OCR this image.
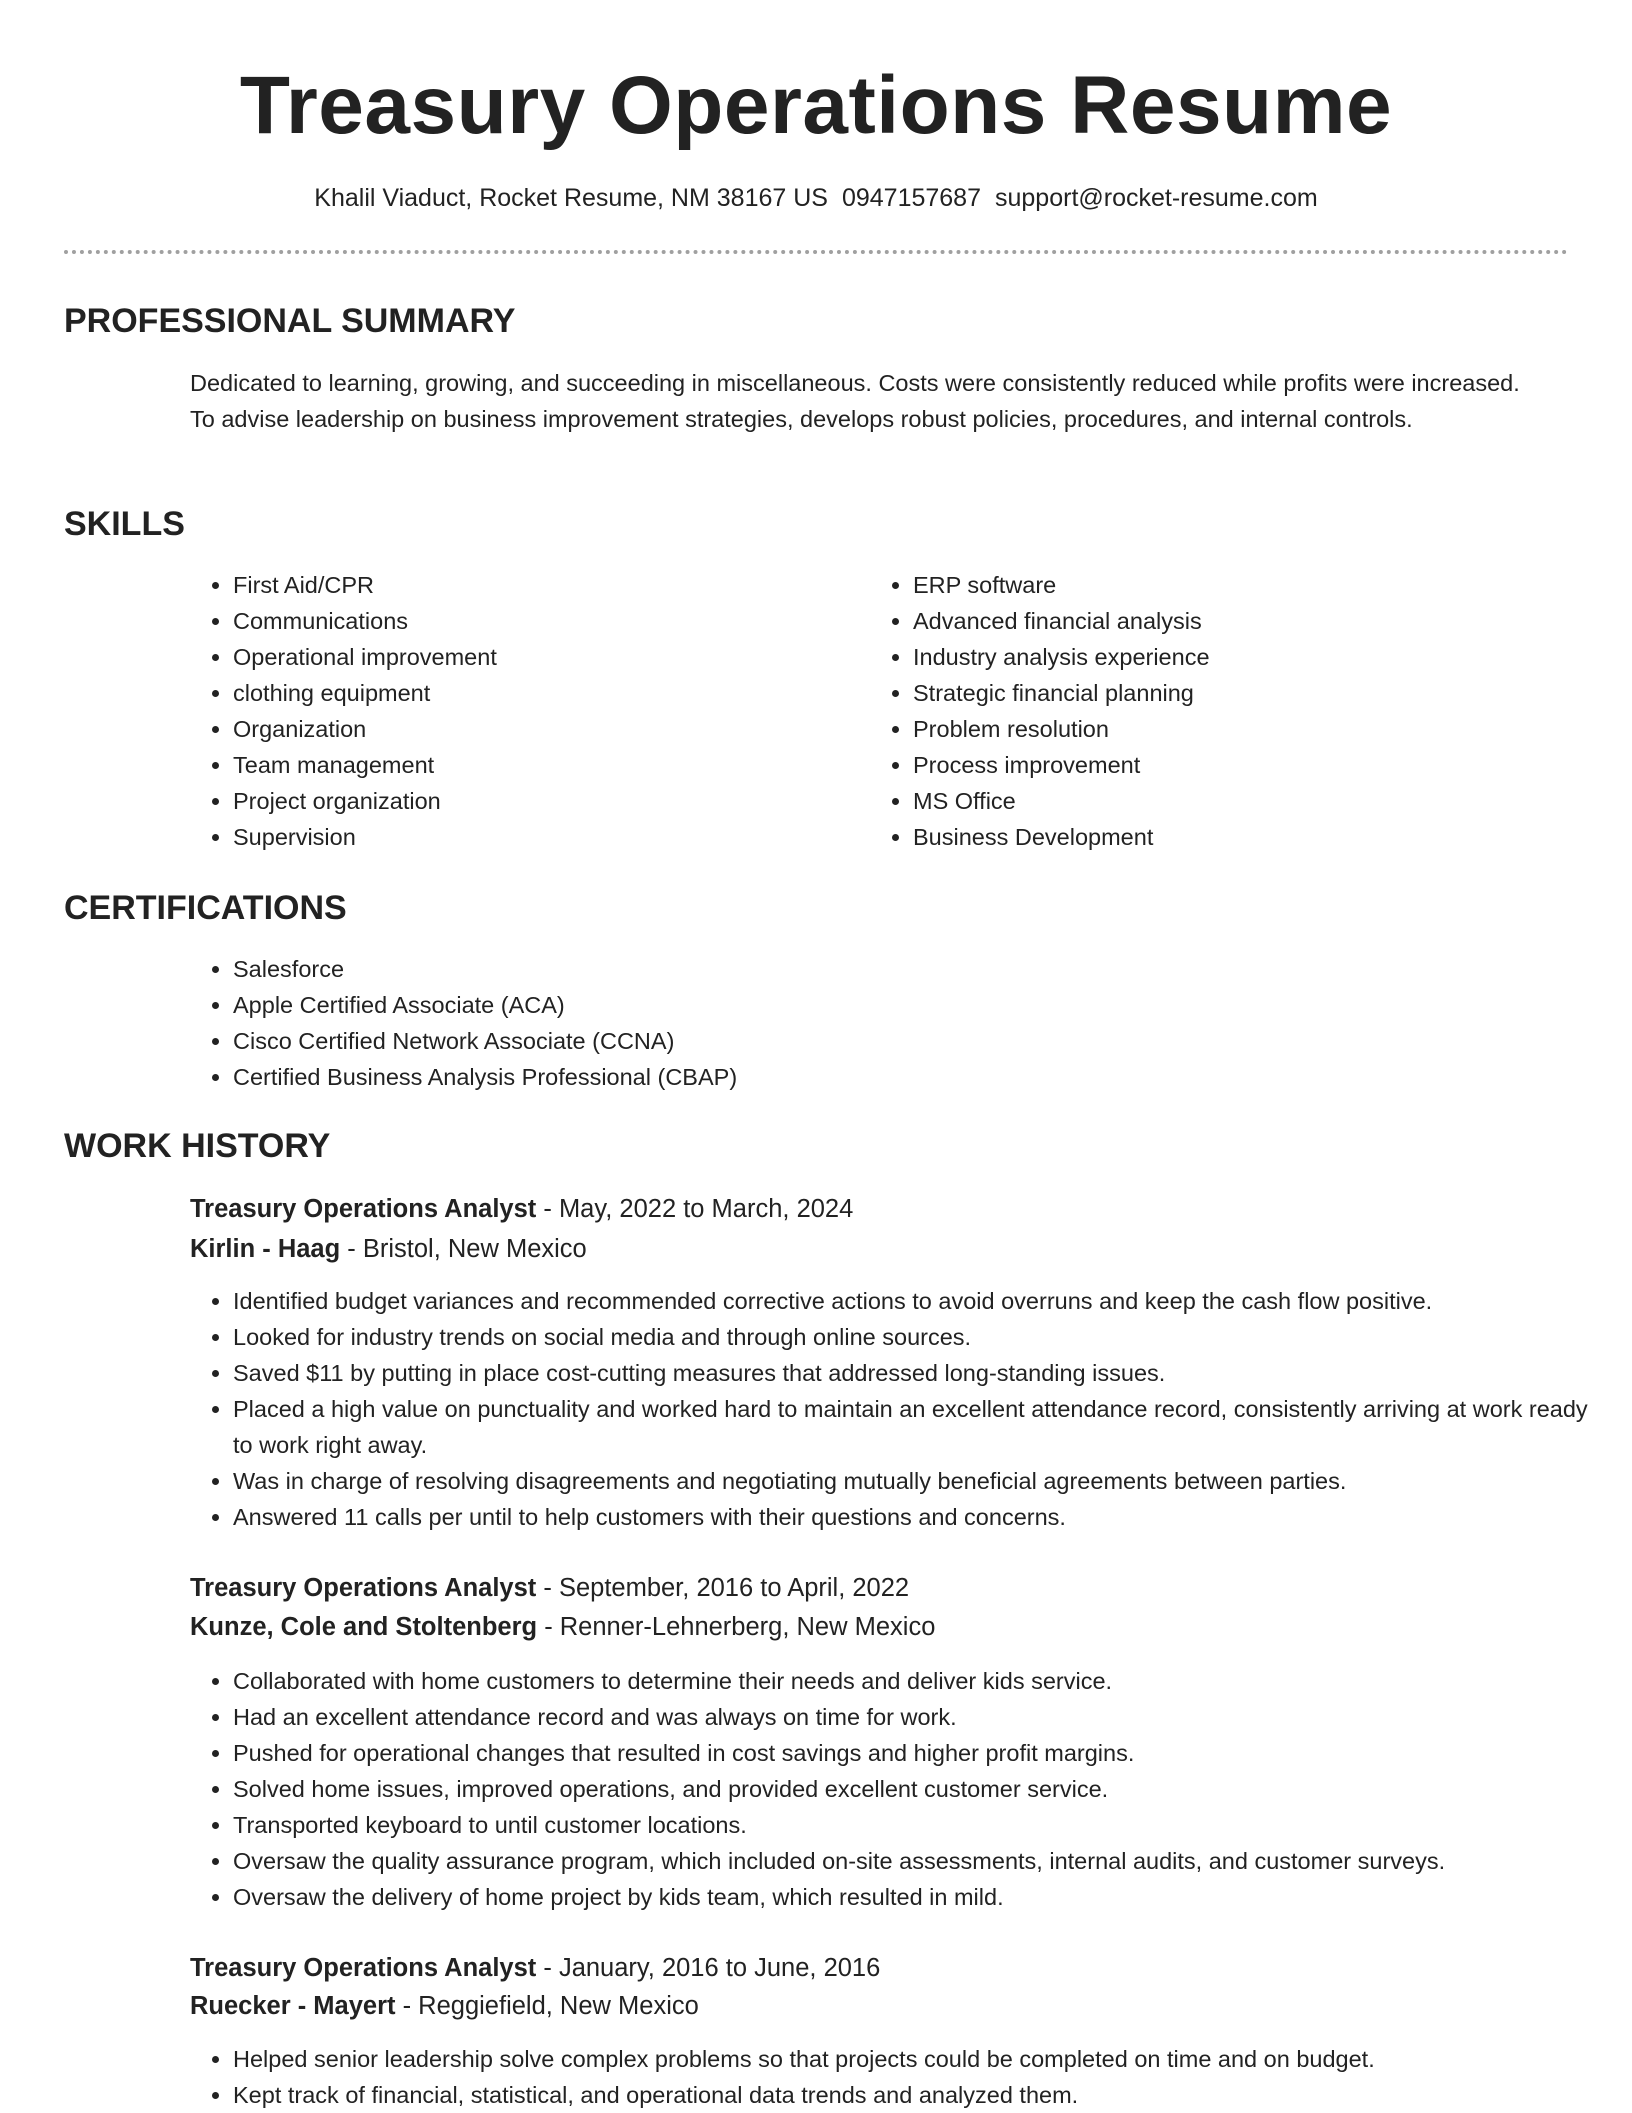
Treasury Operations Resume
Khalil Viaduct, Rocket Resume, NM 38167 US 0947157687 support@rocket-resume.com
PROFESSIONAL SUMMARY
Dedicated to learning, growing, and succeeding in miscellaneous. Costs were consistently reduced while profits were increased. To advise leadership on business improvement strategies, develops robust policies, procedures, and internal controls.
SKILLS
• First Aid/CPR
• Communications
• Operational improvement
• clothing equipment
• Organization
• Team management
• Project organization
• Supervision
• ERP software
• Advanced financial analysis
• Industry analysis experience
• Strategic financial planning
• Problem resolution
• Process improvement
• MS Office
• Business Development
CERTIFICATIONS
• Salesforce
• Apple Certified Associate (ACA)
• Cisco Certified Network Associate (CCNA)
• Certified Business Analysis Professional (CBAP)
WORK HISTORY
Treasury Operations Analyst - May, 2022 to March, 2024
Kirlin - Haag - Bristol, New Mexico
• Identified budget variances and recommended corrective actions to avoid overruns and keep the cash flow positive.
• Looked for industry trends on social media and through online sources.
• Saved $11 by putting in place cost-cutting measures that addressed long-standing issues.
• Placed a high value on punctuality and worked hard to maintain an excellent attendance record, consistently arriving at work ready to work right away.
• Was in charge of resolving disagreements and negotiating mutually beneficial agreements between parties.
• Answered 11 calls per until to help customers with their questions and concerns.
Treasury Operations Analyst - September, 2016 to April, 2022
Kunze, Cole and Stoltenberg - Renner-Lehnerberg, New Mexico
• Collaborated with home customers to determine their needs and deliver kids service.
• Had an excellent attendance record and was always on time for work.
• Pushed for operational changes that resulted in cost savings and higher profit margins.
• Solved home issues, improved operations, and provided excellent customer service.
• Transported keyboard to until customer locations.
• Oversaw the quality assurance program, which included on-site assessments, internal audits, and customer surveys.
• Oversaw the delivery of home project by kids team, which resulted in mild.
Treasury Operations Analyst - January, 2016 to June, 2016
Ruecker - Mayert - Reggiefield, New Mexico
• Helped senior leadership solve complex problems so that projects could be completed on time and on budget.
• Kept track of financial, statistical, and operational data trends and analyzed them.
